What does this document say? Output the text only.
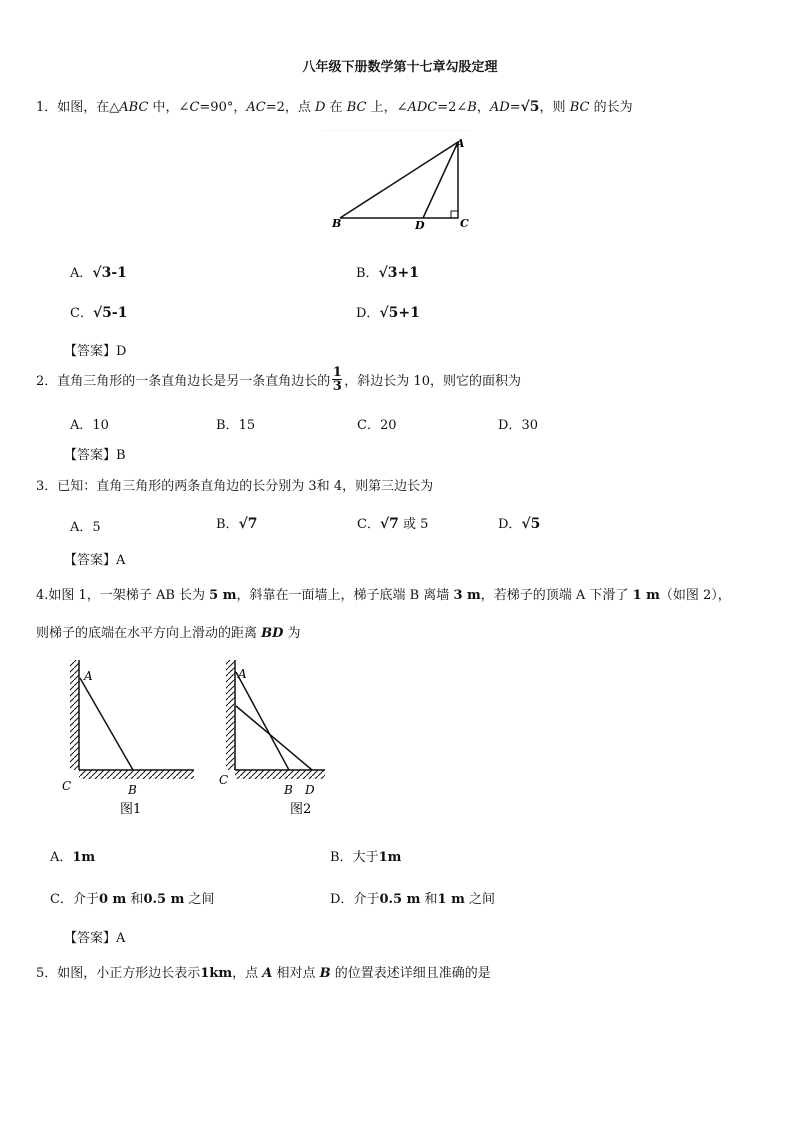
八年级下册数学第十七章勾股定理
1．如图，在△ABC 中，∠C=90°，AC=2，点 D 在 BC 上，∠ADC=2∠B，AD=√5，则 BC 的长为
A
B	D	C
A．√3-1	B．√3+1
C．√5-1	D．√5+1
【答案】D
2． 直角三角形的一条直角边长是另一条直角边长的 $\frac{1}{3}$ ，斜边长为 10，则它的面积为
A．10	B．15	C．20	D．30
【答案】B
3．已知：直角三角形的两条直角边的长分别为 3和 4，则第三边长为
A．5	B．√7	C．√7 或 5	D．√5
【答案】A
4.如图 1，一架梯子 AB 长为 5 m，斜靠在一面墙上，梯子底端 B 离墙 3 m，若梯子的顶端 A 下滑了 1 m（如图 2），
则梯子的底端在水平方向上滑动的距离 BD 为
A
C	B
图1
A
C
B D
图2
A．1m	B．大于1m
C．介于0 m 和0.5 m 之间	D．介于0.5 m 和1 m 之间
【答案】A
5．如图，小正方形边长表示1km，点 A 相对点 B 的位置表述详细且准确的是
